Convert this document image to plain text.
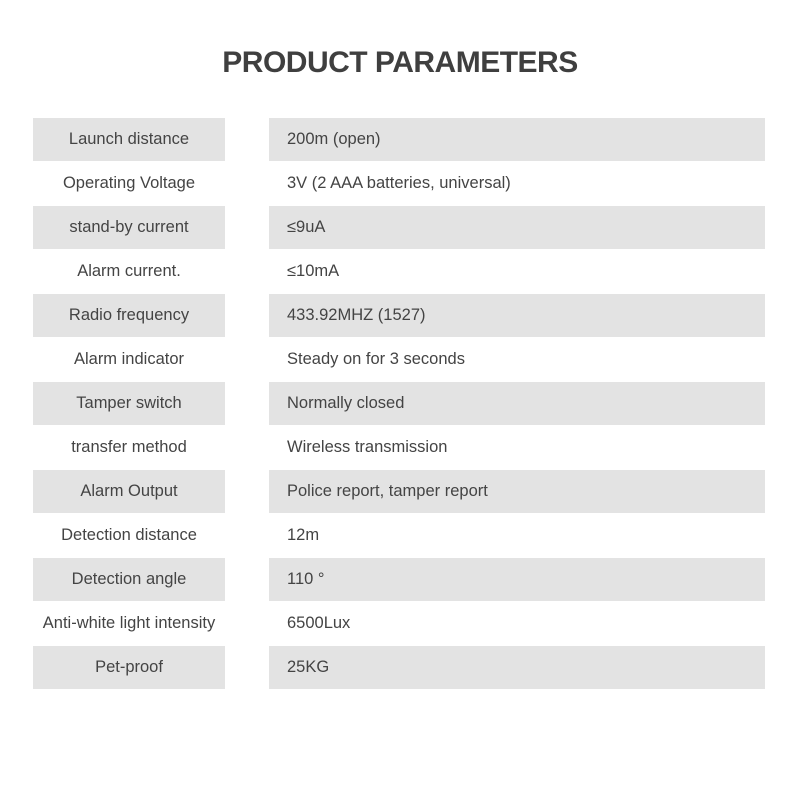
PRODUCT PARAMETERS
Launch distance	200m (open)
Operating Voltage	3V (2 AAA batteries, universal)
stand-by current	≤9uA
Alarm current.	≤10mA
Radio frequency	433.92MHZ (1527)
Alarm indicator	Steady on for 3 seconds
Tamper switch	Normally closed
transfer method	Wireless transmission
Alarm Output	Police report, tamper report
Detection distance	12m
Detection angle	110 °
Anti-white light intensity	6500Lux
Pet-proof	25KG
